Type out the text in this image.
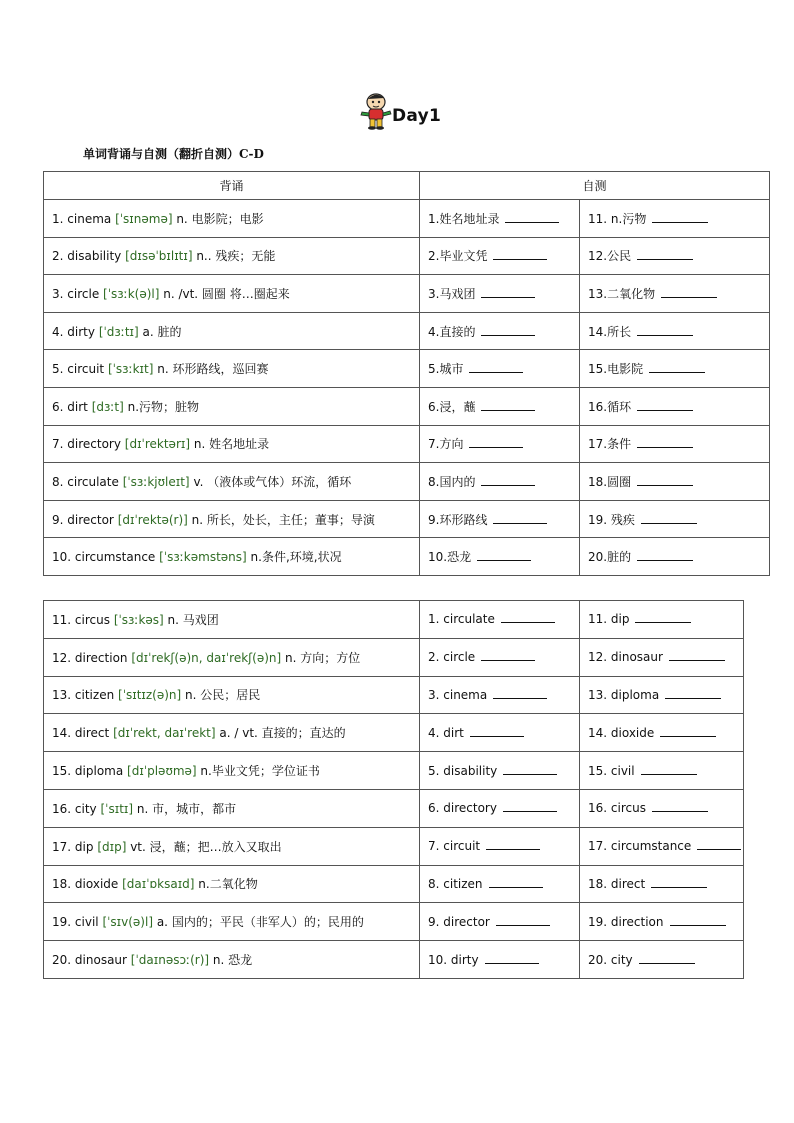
Day1
单词背诵与自测（翻折自测）C-D
背诵	自测	
1. cinema [ˈsɪnəmə] n. 电影院；电影	1.姓名地址录	11. n.污物
2. disability [dɪsəˈbɪlɪtɪ] n.. 残疾；无能	2.毕业文凭	12.公民
3. circle [ˈsɜːk(ə)l] n. /vt. 圆圈 将…圈起来	3.马戏团	13.二氧化物
4. dirty [ˈdɜːtɪ] a. 脏的	4.直接的	14.所长
5. circuit [ˈsɜːkɪt] n. 环形路线，巡回赛	5.城市	15.电影院
6. dirt [dɜːt] n.污物；脏物	6.浸，蘸	16.循环
7. directory [dɪˈrektərɪ] n. 姓名地址录	7.方向	17.条件
8. circulate [ˈsɜːkjʊleɪt] v. （液体或气体）环流，循环	8.国内的	18.圆圈
9. director [dɪˈrektə(r)] n. 所长，处长，主任；董事；导演	9.环形路线	19. 残疾
10. circumstance [ˈsɜːkəmstəns] n.条件,环境,状况	10.恐龙	20.脏的
11. circus [ˈsɜːkəs] n. 马戏团	1. circulate	11. dip
12. direction [dɪˈrekʃ(ə)n, daɪˈrekʃ(ə)n] n. 方向；方位	2. circle	12. dinosaur
13. citizen [ˈsɪtɪz(ə)n] n. 公民；居民	3. cinema	13. diploma
14. direct [dɪˈrekt, daɪˈrekt] a. / vt. 直接的；直达的	4. dirt	14. dioxide
15. diploma [dɪˈpləʊmə] n.毕业文凭；学位证书	5. disability	15. civil
16. city [ˈsɪtɪ] n. 市，城市，都市	6. directory	16. circus
17. dip [dɪp] vt. 浸，蘸；把…放入又取出	7. circuit	17. circumstance
18. dioxide [daɪˈɒksaɪd] n.二氧化物	8. citizen	18. direct
19. civil [ˈsɪv(ə)l] a. 国内的；平民（非军人）的；民用的	9. director	19. direction
20. dinosaur [ˈdaɪnəsɔː(r)] n. 恐龙	10. dirty	20. city
